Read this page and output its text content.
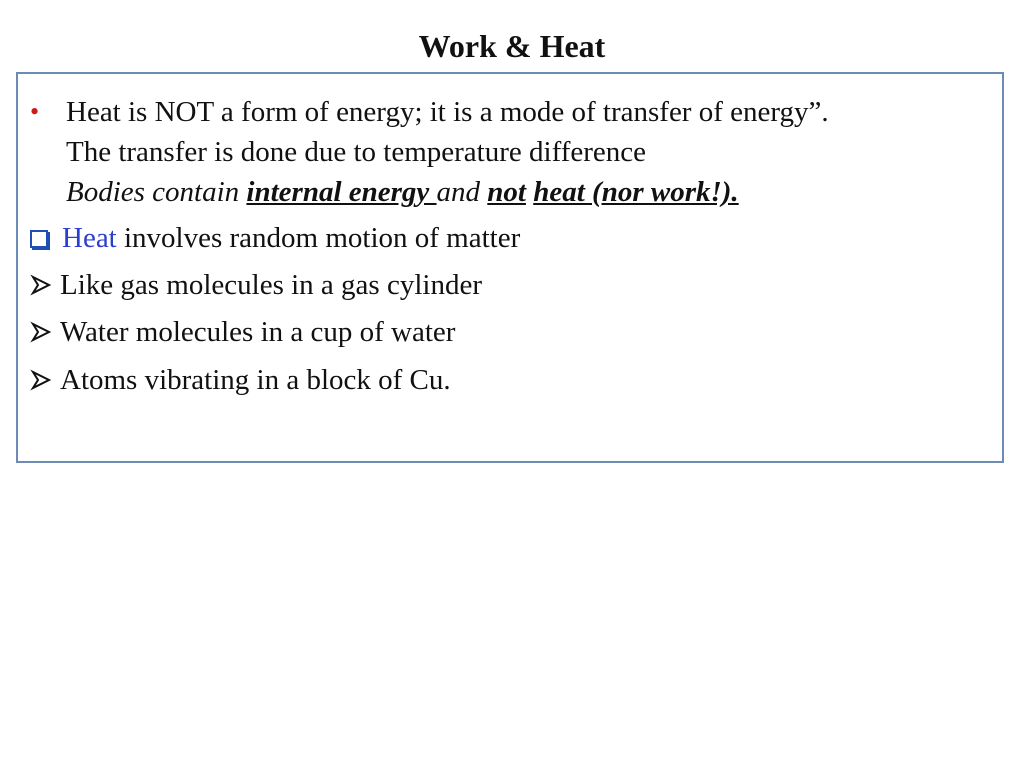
Work & Heat
• Heat is NOT a form of energy; it is a mode of transfer of energy”.
The transfer is done due to temperature difference
Bodies contain internal energy and not heat (nor work!).
Heat involves random motion of matter
Like gas molecules in a gas cylinder
Water molecules in a cup of water
Atoms vibrating in a block of Cu.
